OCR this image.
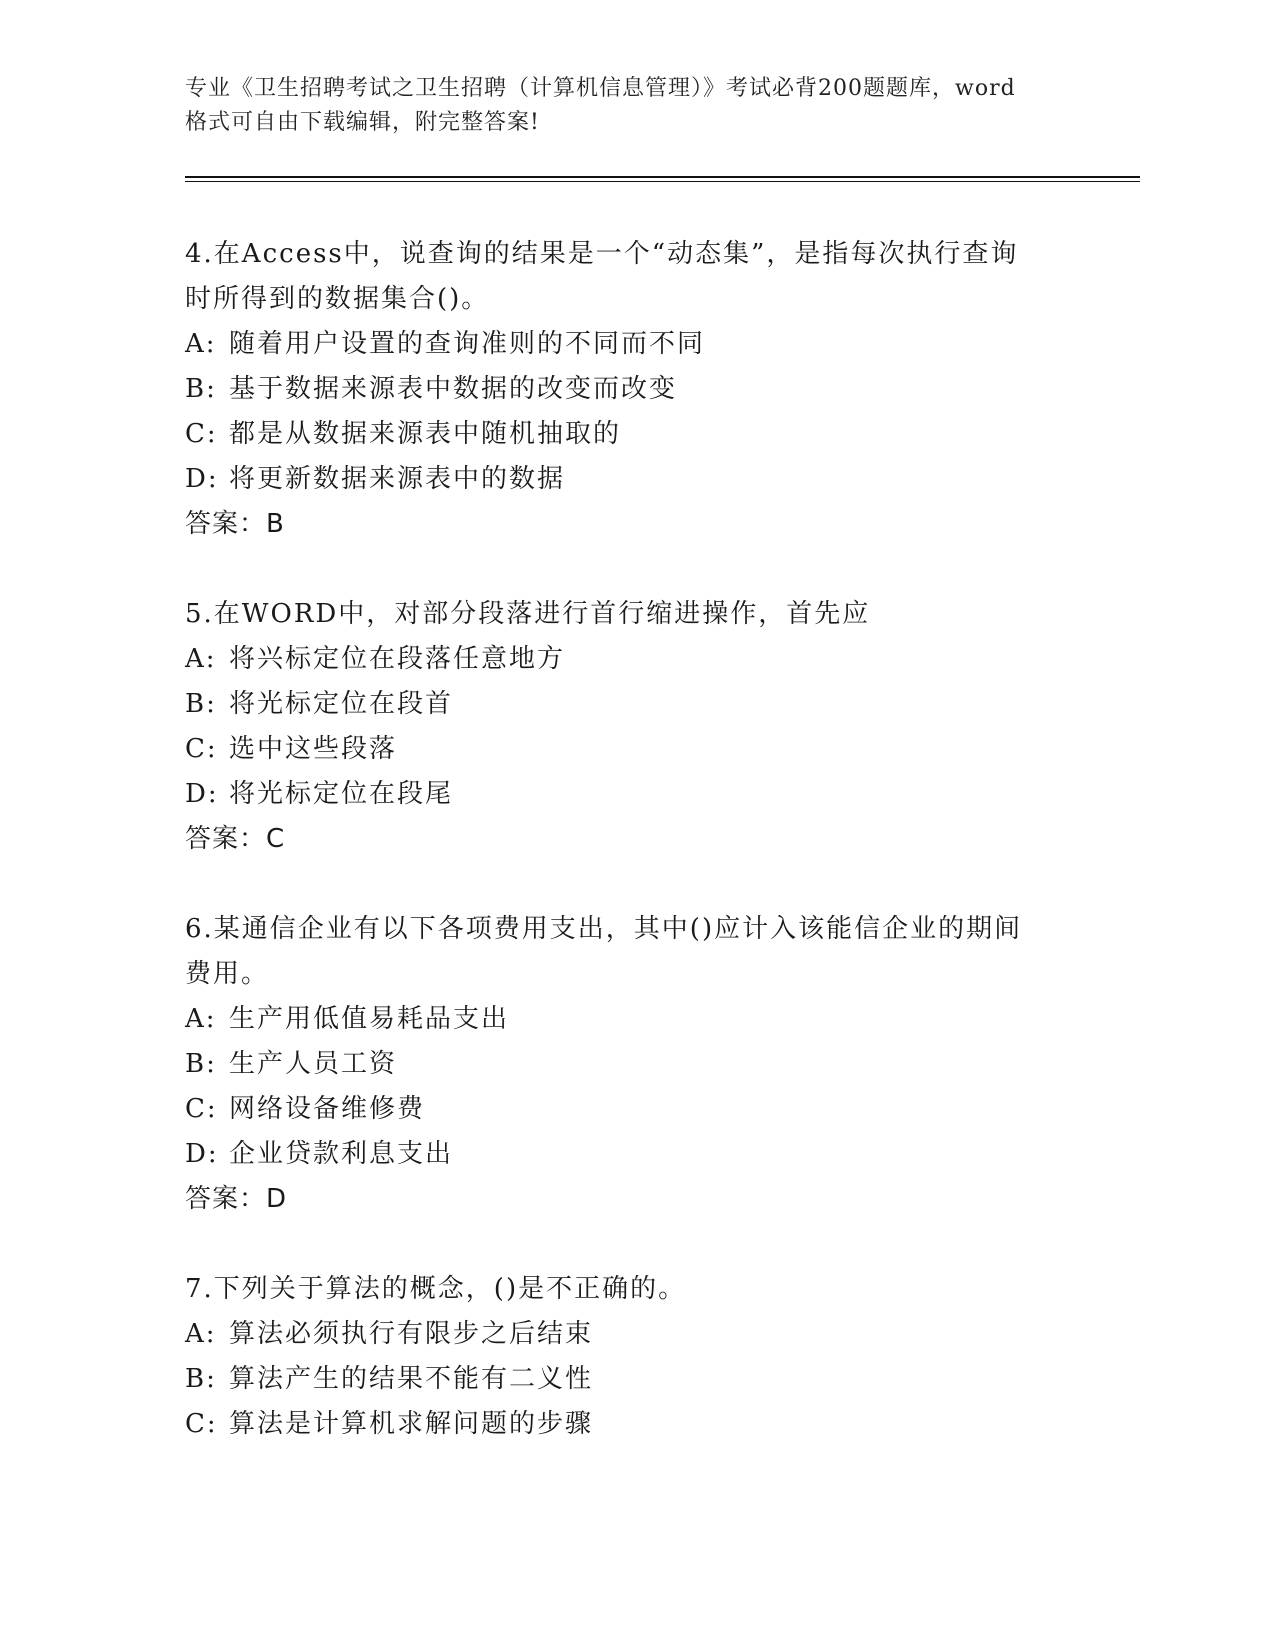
专业《卫生招聘考试之卫生招聘（计算机信息管理）》考试必背200题题库，word
格式可自由下载编辑，附完整答案!

4.在Access中，说查询的结果是一个“动态集”，是指每次执行查询

时所得到的数据集合()。

A: 随着用户设置的查询准则的不同而不同

B: 基于数据来源表中数据的改变而改变

C: 都是从数据来源表中随机抽取的

D: 将更新数据来源表中的数据

答案：B

5.在WORD中，对部分段落进行首行缩进操作，首先应

A: 将兴标定位在段落任意地方

B: 将光标定位在段首

C: 选中这些段落

D: 将光标定位在段尾

答案：C

6.某通信企业有以下各项费用支出，其中()应计入该能信企业的期间

费用。

A: 生产用低值易耗品支出

B: 生产人员工资

C: 网络设备维修费

D: 企业贷款利息支出

答案：D

7.下列关于算法的概念，()是不正确的。

A: 算法必须执行有限步之后结束

B: 算法产生的结果不能有二义性

C: 算法是计算机求解问题的步骤
